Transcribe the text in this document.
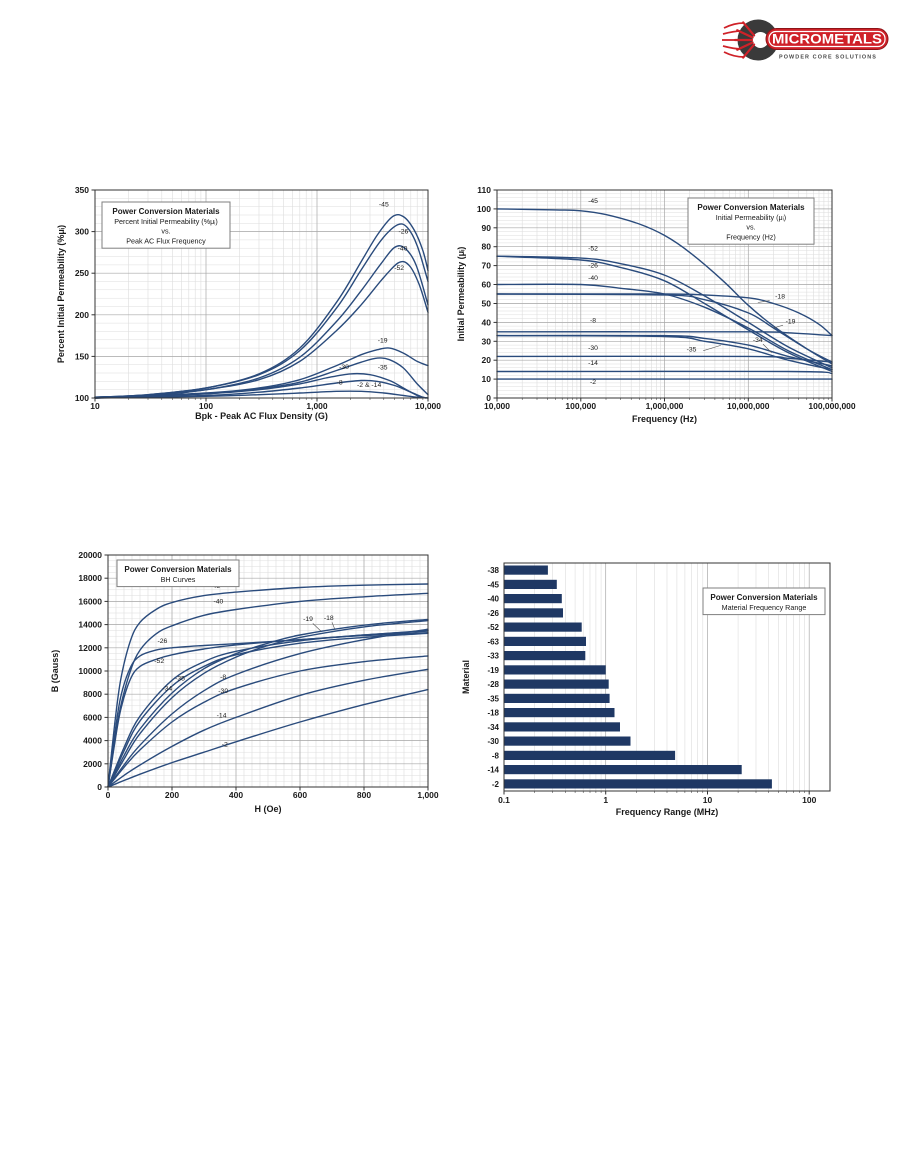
MICROMETALS
POWDER CORE SOLUTIONS
-45
-26
-40
-52
-19
-35
-30
-8 -2 & -14
10	100	1,000	10,000
100
150
200
250
300
350
Bpk - Peak AC Flux Density (G)
Percent Initial Permeability (%μᵢ)
Power Conversion Materials
Percent Initial Permeability (%μᵢ)
vs.
Peak AC Flux Frequency
-45
-52
-26
-40
-18
-19
-8
-34
-35
-30
-14
-2
10,000	100,000	1,000,000	10,000,000	100,000,000
0
10
20
30
40
50
60
70
80
90
100
110
Frequency (Hz)
Initial Permeability (μᵢ)
Power Conversion Materials
Initial Permeability (μᵢ)
vs.
Frequency (Hz)
-40
-26
-52
-19 -18
-35
-34
-8
-30
-14
-2
0	200	400	600	800	1,000
0
2000
4000
6000
8000
10000
12000
14000
16000
18000
20000
H (Oe)
B (Gauss)
Power Conversion Materials
BH Curves
-38
-45
-40
-26
-52
-63
-33
-19
-28
-35
-18
-34
-30
-8
-14
-2
0.1	1	10	100
Frequency Range (MHz)
Material
Power Conversion Materials
Material Frequency Range
